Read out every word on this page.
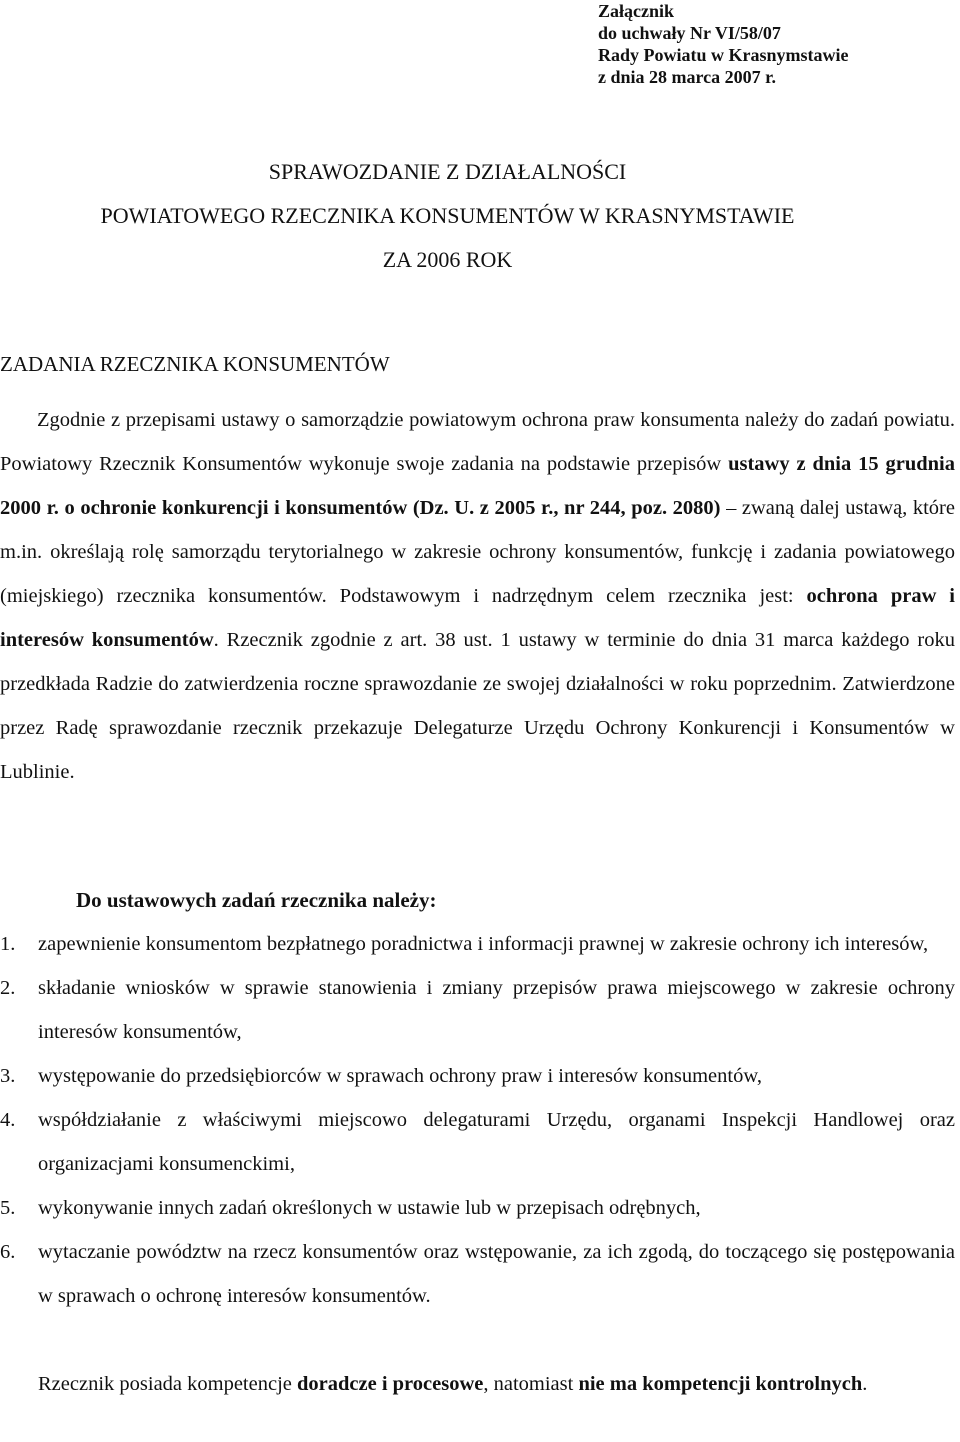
Załącznik
do uchwały Nr VI/58/07
Rady Powiatu w Krasnymstawie
z dnia 28 marca 2007 r.
SPRAWOZDANIE Z DZIAŁALNOŚCI
POWIATOWEGO RZECZNIKA KONSUMENTÓW W KRASNYMSTAWIE
ZA 2006 ROK
ZADANIA RZECZNIKA KONSUMENTÓW
Zgodnie z przepisami ustawy o samorządzie powiatowym ochrona praw konsumenta należy do zadań powiatu. Powiatowy Rzecznik Konsumentów wykonuje swoje zadania na podstawie przepisów ustawy z dnia 15 grudnia 2000 r. o ochronie konkurencji i konsumentów (Dz. U. z 2005 r., nr 244, poz. 2080) – zwaną dalej ustawą, które m.in. określają rolę samorządu terytorialnego w zakresie ochrony konsumentów, funkcję i zadania powiatowego (miejskiego) rzecznika konsumentów. Podstawowym i nadrzędnym celem rzecznika jest: ochrona praw i interesów konsumentów. Rzecznik zgodnie z art. 38 ust. 1 ustawy w terminie do dnia 31 marca każdego roku przedkłada Radzie do zatwierdzenia roczne sprawozdanie ze swojej działalności w roku poprzednim. Zatwierdzone przez Radę sprawozdanie rzecznik przekazuje Delegaturze Urzędu Ochrony Konkurencji i Konsumentów w Lublinie.
Do ustawowych zadań rzecznika należy:
1. zapewnienie konsumentom bezpłatnego poradnictwa i informacji prawnej w zakresie ochrony ich interesów,
2. składanie wniosków w sprawie stanowienia i zmiany przepisów prawa miejscowego w zakresie ochrony interesów konsumentów,
3. występowanie do przedsiębiorców w sprawach ochrony praw i interesów konsumentów,
4. współdziałanie z właściwymi miejscowo delegaturami Urzędu, organami Inspekcji Handlowej oraz organizacjami konsumenckimi,
5. wykonywanie innych zadań określonych w ustawie lub w przepisach odrębnych,
6. wytaczanie powództw na rzecz konsumentów oraz wstępowanie, za ich zgodą, do toczącego się postępowania w sprawach o ochronę interesów konsumentów.
Rzecznik posiada kompetencje doradcze i procesowe, natomiast nie ma kompetencji kontrolnych.
